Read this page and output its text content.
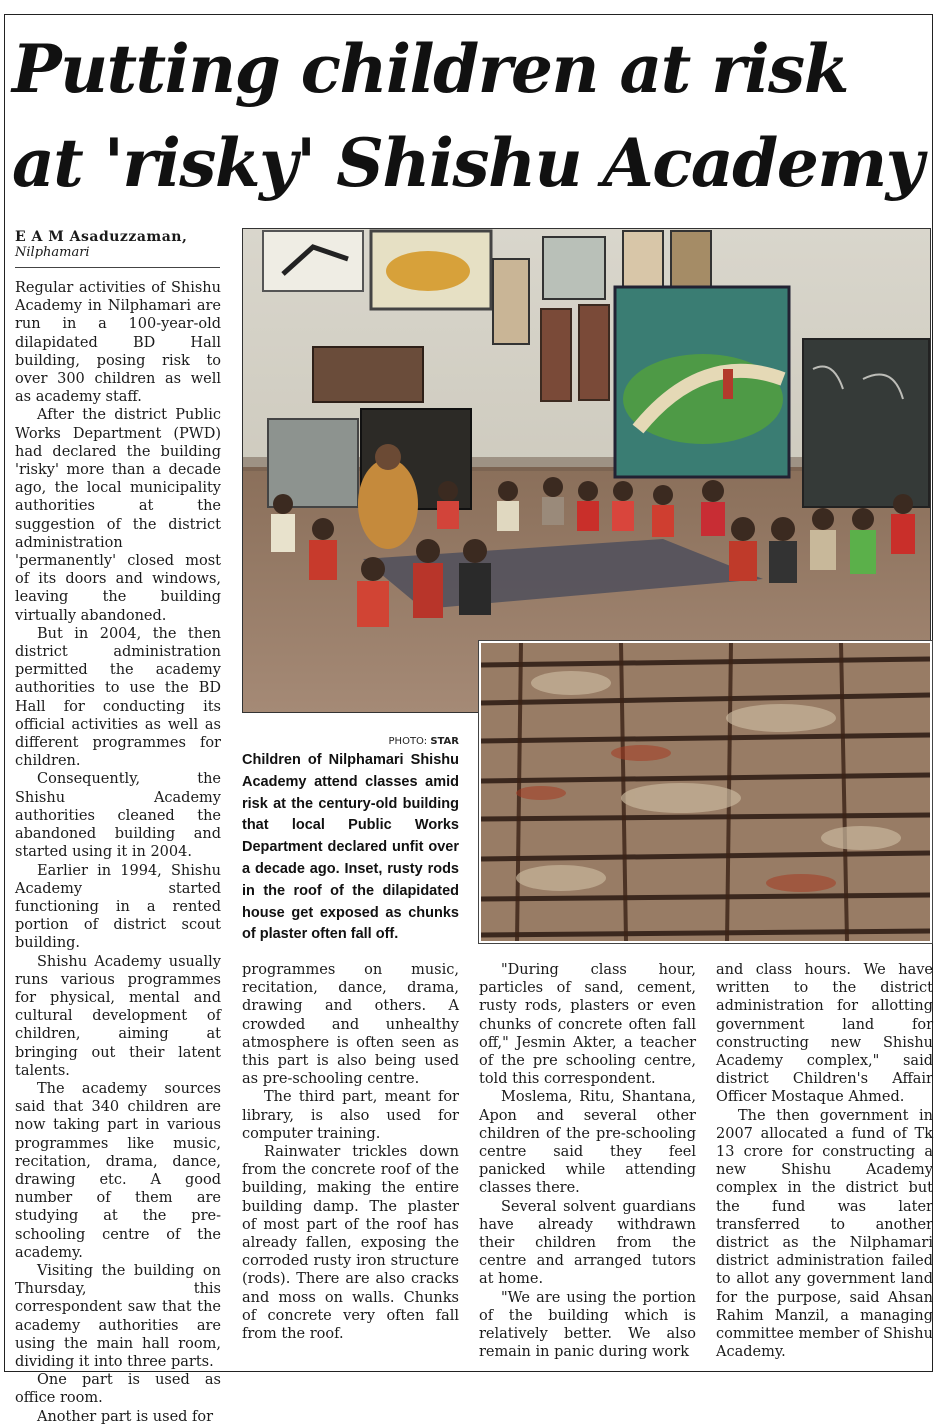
Putting children at risk at 'risky' Shishu Academy
E A M Asaduzzaman,
Nilphamari
PHOTO: STAR
Children of Nilphamari Shishu Academy attend classes amid risk at the century-old building that local Public Works Department declared unfit over a decade ago. Inset, rusty rods in the roof of the dilapidated house get exposed as chunks of plaster often fall off.

Regular activities of Shishu Academy in Nilphamari are run in a 100-year-old dilapidated BD Hall building, posing risk to over 300 children as well as academy staff.

After the district Public Works Department (PWD) had declared the building 'risky' more than a decade ago, the local municipality authorities at the suggestion of the district administration 'permanently' closed most of its doors and windows, leaving the building virtually abandoned.

But in 2004, the then district administration permitted the academy authorities to use the BD Hall for conducting its official activities as well as different programmes for children.

Consequently, the Shishu Academy authorities cleaned the abandoned building and started using it in 2004.

Earlier in 1994, Shishu Academy started functioning in a rented portion of district scout building.

Shishu Academy usually runs various programmes for physical, mental and cultural development of children, aiming at bringing out their latent talents.

The academy sources said that 340 children are now taking part in various programmes like music, recitation, drama, dance, drawing etc. A good number of them are studying at the pre-schooling centre of the academy.

Visiting the building on Thursday, this correspondent saw that the academy authorities are using the main hall room, dividing it into three parts.

One part is used as office room.

Another part is used for

programmes on music, recitation, dance, drama, drawing and others. A crowded and unhealthy atmosphere is often seen as this part is also being used as pre-schooling centre.

The third part, meant for library, is also used for computer training.

Rainwater trickles down from the concrete roof of the building, making the entire building damp. The plaster of most part of the roof has already fallen, exposing the corroded rusty iron structure (rods). There are also cracks and moss on walls. Chunks of concrete very often fall from the roof.

"During class hour, particles of sand, cement, rusty rods, plasters or even chunks of concrete often fall off," Jesmin Akter, a teacher of the pre schooling centre, told this correspondent.

Moslema, Ritu, Shantana, Apon and several other children of the pre-schooling centre said they feel panicked while attending classes there.

Several solvent guardians have already withdrawn their children from the centre and arranged tutors at home.

"We are using the portion of the building which is relatively better. We also remain in panic during work

and class hours. We have written to the district administration for allotting government land for constructing new Shishu Academy complex," said district Children's Affair Officer Mostaque Ahmed.

The then government in 2007 allocated a fund of Tk 13 crore for constructing a new Shishu Academy complex in the district but the fund was later transferred to another district as the Nilphamari district administration failed to allot any government land for the purpose, said Ahsan Rahim Manzil, a managing committee member of Shishu Academy.
